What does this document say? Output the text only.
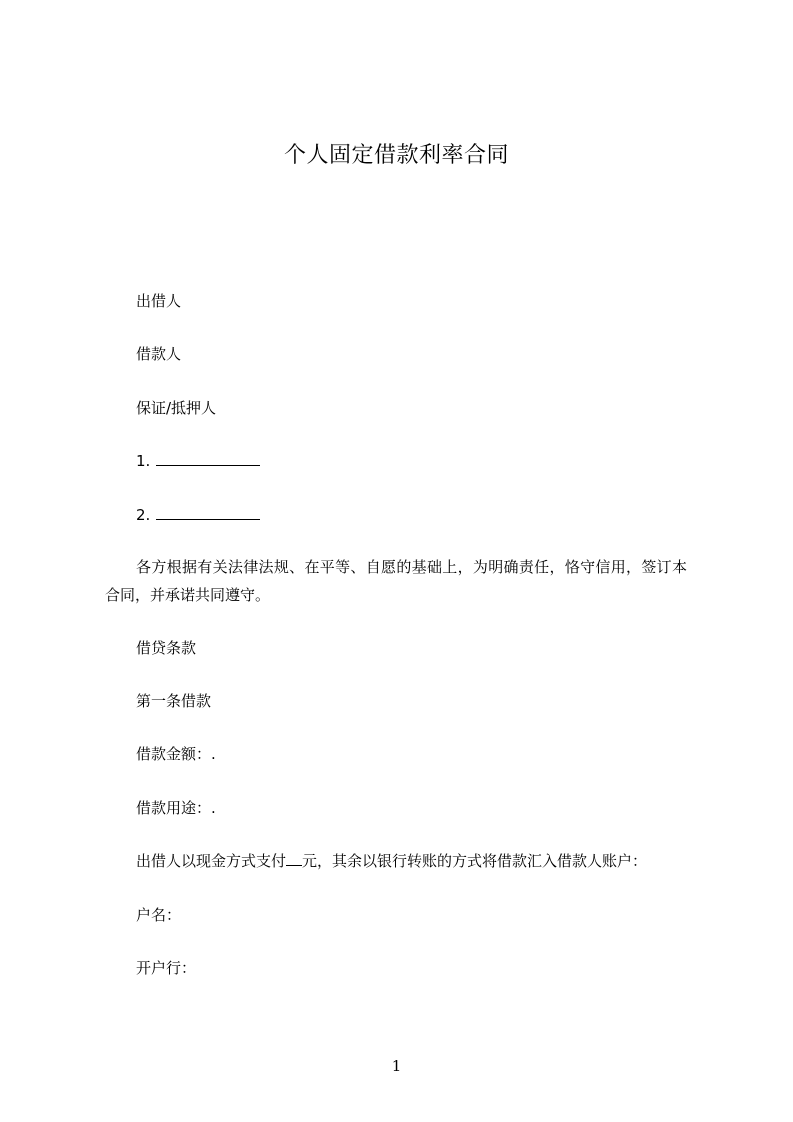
个人固定借款利率合同
出借人
借款人
保证/抵押人
1.
2.
各方根据有关法律法规、在平等、自愿的基础上，为明确责任，恪守信用，签订本合同，并承诺共同遵守。
借贷条款
第一条借款
借款金额：.
借款用途：.
出借人以现金方式支付 元，其余以银行转账的方式将借款汇入借款人账户：
户名：
开户行：
1
